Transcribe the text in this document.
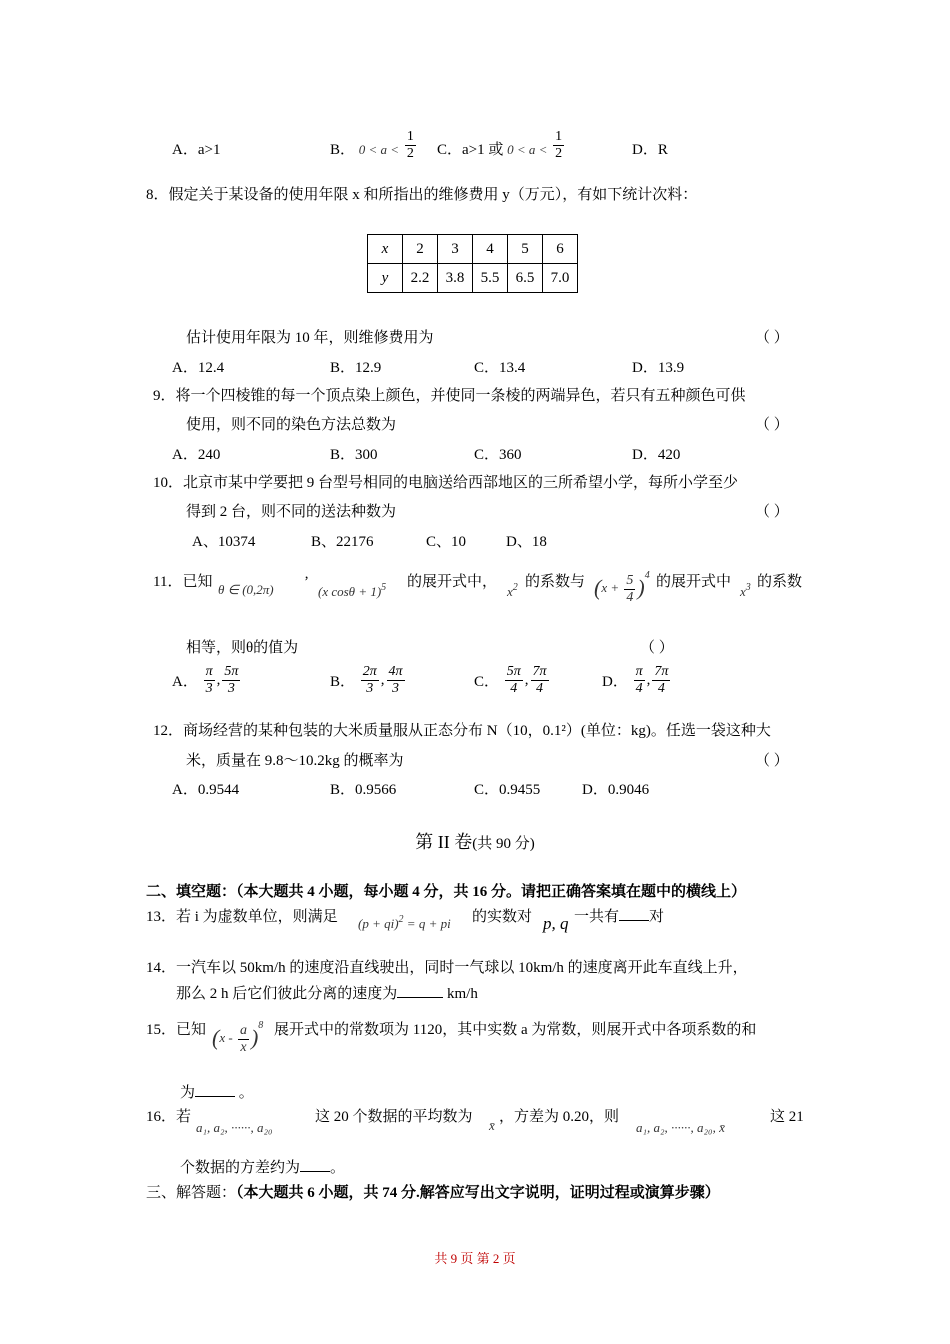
A．a>1	B． $0 < a < \frac{1}{2}$ C．a>1 或 $0 < a < \frac{1}{2}$	D．R
8．假定关于某设备的使用年限 x 和所指出的维修费用 y（万元），有如下统计次料：
x	2	3	4	5	6
y	2.2	3.8	5.5	6.5	7.0
估计使用年限为 10 年，则维修费用为	（ ）
A．12.4	B．12.9	C．13.4	D．13.9
9．将一个四棱锥的每一个顶点染上颜色，并使同一条棱的两端异色，若只有五种颜色可供
使用，则不同的染色方法总数为	（ ）
A．240	B．300	C．360	D．420
10．北京市某中学要把 9 台型号相同的电脑送给西部地区的三所希望小学，每所小学至少
得到 2 台，则不同的送法种数为	（ ）
A、10374	B、22176	C、10	D、18
11．已知 θ ∈ (0,2π) ’
(x cosθ + 1)$^5$ 的展开式中，
$x^2$ 的系数与 $(x + \frac{5}{4} )^4$ 的展开式中
$x^3$ 的系数
相等，则θ的值为	（ ）
A． $\frac{\pi}{3}$ , $\frac{5\pi}{3}$	B． $\frac{2\pi}{3}$ , $\frac{4\pi}{3}$	C． $\frac{5\pi}{4}$ , $\frac{7\pi}{4}$	D． $\frac{\pi}{4}$ , $\frac{7\pi}{4}$
12．商场经营的某种包装的大米质量服从正态分布 N（10，0.1²）(单位：kg)。任选一袋这种大
米，质量在 9.8～10.2kg 的概率为	（ ）
A．0.9544	B．0.9566	C．0.9455	D．0.9046
第 II 卷(共 90 分)
二、填空题：（本大题共 4 小题，每小题 4 分，共 16 分。请把正确答案填在题中的横线上）
13．若 i 为虚数单位，则满足 (p + qi)$^2$ = q + pi 的实数对 p, q 一共有 对
14．一汽车以 50km/h 的速度沿直线驶出，同时一气球以 10km/h 的速度离开此车直线上升，
那么 2 h 后它们彼此分离的速度为	km/h
15．已知 $(x - \frac{a}{x} )^8$ 展开式中的常数项为 1120，其中实数 a 为常数，则展开式中各项系数的和
为	。
16．若
a₁, a₂, ······, a₂₀
这 20 个数据的平均数为
x̄
，方差为 0.20，则
a₁, a₂, ······, a₂₀, x̄
这 21
个数据的方差约为 。
三、解答题：（本大题共 6 小题，共 74 分.解答应写出文字说明，证明过程或演算步骤）
共 9 页 第 2 页
